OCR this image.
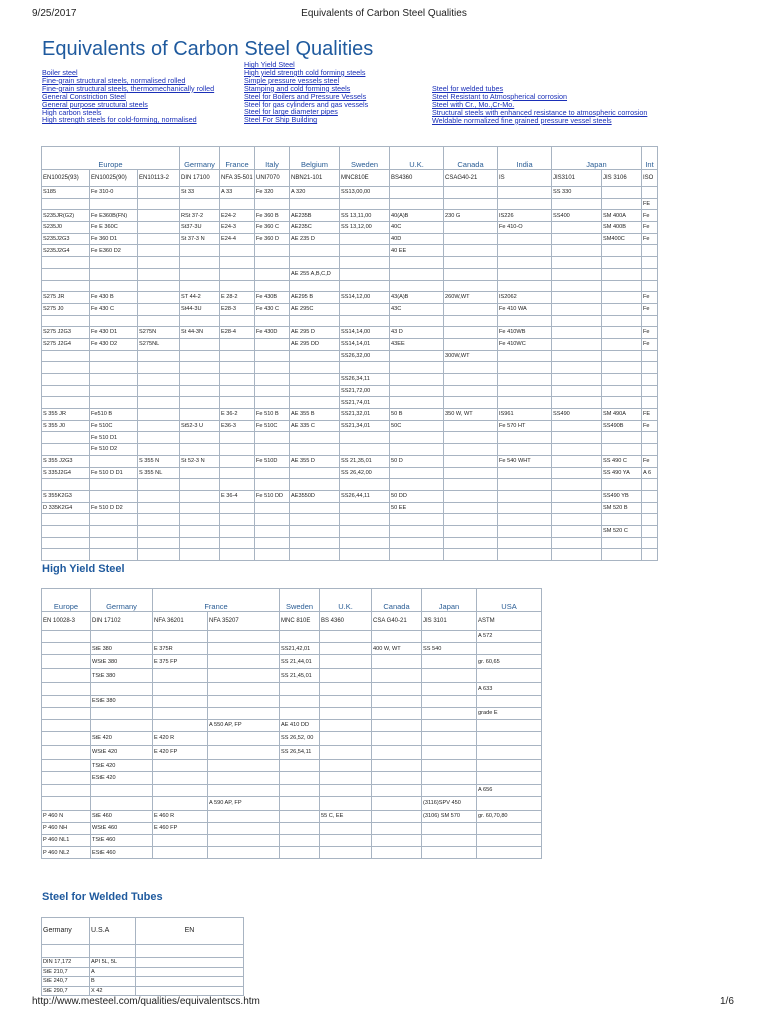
9/25/2017	Equivalents of Carbon Steel Qualities
Equivalents of Carbon Steel Qualities
Boiler steel
Fine-grain structural steels, normalised rolled
Fine-grain structural steels, thermomechanically rolled
General Constriction Steel
General purpose structural steels
High carbon steels
High strength steels for cold-forming, normalised
High Yield Steel
High yield strength cold forming steels
Simple pressure vessels steel
Stamping and cold forming steels
Steel for Boilers and Pressure Vessels
Steel for gas cylinders and gas vessels
Steel for large diameter pipes
Steel For Ship Building
Steel for welded tubes
Steel Resistant to Atmospherical corrosion
Steel with Cr., Mo.,Cr-Mo.
Structural steels with enhanced resistance to atmospheric corrosion
Weldable normalized fine grained pressure vessel steels
Europe			Germany	France	Italy	Belgium	Sweden	U.K.	Canada	India	Japan		Int
EN10025(93)	EN10025(90)	EN10113-2	DIN 17100	NFA 35-501	UNI7070	NBN21-101	MNC810E	BS4360	CSAG40-21	IS	JIS3101	JIS 3106	ISO
S185	Fe 310-0		St 33	A 33	Fe 320	A 320	SS13,00,00				SS 330		
													FE
S235JR(G2)	Fe E360B(FN)		RSt 37-2	E24-2	Fe 360 B	AE235B	SS 13,11,00	40(A)B	230 G	IS226	SS400	SM 400A	Fe
S235J0	Fe E 360C		St37-3U	E24-3	Fe 360 C	AE235C	SS 13,12,00	40C		Fe 410-O		SM 400B	Fe
S235J2G3	Fe 360 D1		St 37-3 N	E24-4	Fe 360 D	AE 235 D		40D				SM400C	Fe
S235J2G4	Fe E360 D2							40 EE					

						AE 255 A,B,C,D							

S275 JR	Fe 430 B		ST 44-2	E 28-2	Fe 430B	AE295 B	SS14,12,00	43(A)B	260W,WT	IS2062			Fe
S275 J0	Fe 430 C		St44-3U	E28-3	Fe 430 C	AE 295C		43C		Fe 410 WA			Fe

S275 J2G3	Fe 430 D1	S275N	St 44-3N	E28-4	Fe 430D	AE 295 D	SS14,14,00	43 D		Fe 410WB			Fe
S275 J2G4	Fe 430 D2	S275NL				AE 295 DD	SS14,14,01	43EE		Fe 410WC			Fe
							SS26,32,00		300W,WT				

							SS26,34,11						
							SS21,72,00						
							SS21,74,01						
S 355 JR	Fe510 B			E 36-2	Fe 510 B	AE 355 B	SS21,32,01	50 B	350 W, WT	IS961	SS490	SM 490A	FE
S 355 J0	Fe 510C		St52-3 U	E36-3	Fe 510C	AE 335 C	SS21,34,01	50C		Fe 570 HT		SS490B	Fe
	Fe 510 D1												
	Fe 510 D2												
S 355 J2G3		S 355 N	St 52-3 N		Fe 510D	AE 355 D	SS 21,35,01	50 D		Fe 540 WHT		SS 490 C	Fe
S 335J2G4	Fe 510 D D1	S 355 NL					SS 26,42,00					SS 490 YA	A 6

S 355K2G3				E 36-4	Fe 510 DD	AE3550D	SS26,44,11	50 DD				SS490 YB	
D 335K2G4	Fe 510 D D2							50 EE				SM 520 B	

												SM 520 C	

High Yield Steel
Europe	Germany	France		Sweden	U.K.	Canada	Japan	USA
EN 10028-3	DIN 17102	NFA 36201	NFA 35207	MNC 810E	BS 4360	CSA G40-21	JIS 3101	ASTM
								A 572
	StE 380	E 375R		SS21,42,01		400 W, WT	SS 540	
	WStE 380	E 375 FP		SS 21,44,01				gr. 60,65
	TStE 380			SS 21,45,01				
								A 633
	EStE 380							
								grade E
			A 550 AP, FP	AE 410 DD				
	StE 420	E 420 R		SS 26,52, 00				
	WStE 420	E 420 FP		SS 26,54,11				
	TStE 420							
	EStE 420							
								A 656
			A 590 AP, FP				(3116)SPV 450	
P 460 N	StE 460	E 460 R			55 C, EE		(3106) SM 570	gr. 60,70,80
P 460 NH	WStE 460	E 460 FP						
P 460 NL1	TStE 460							
P 460 NL2	EStE 460							
Steel for Welded Tubes
Germany	U.S.A	EN

DIN 17,172	API 5L, 5L	
StE 210,7	A	
StE 240,7	B	
StE 290,7	X 42	
http://www.mesteel.com/qualities/equivalentscs.htm	1/6
